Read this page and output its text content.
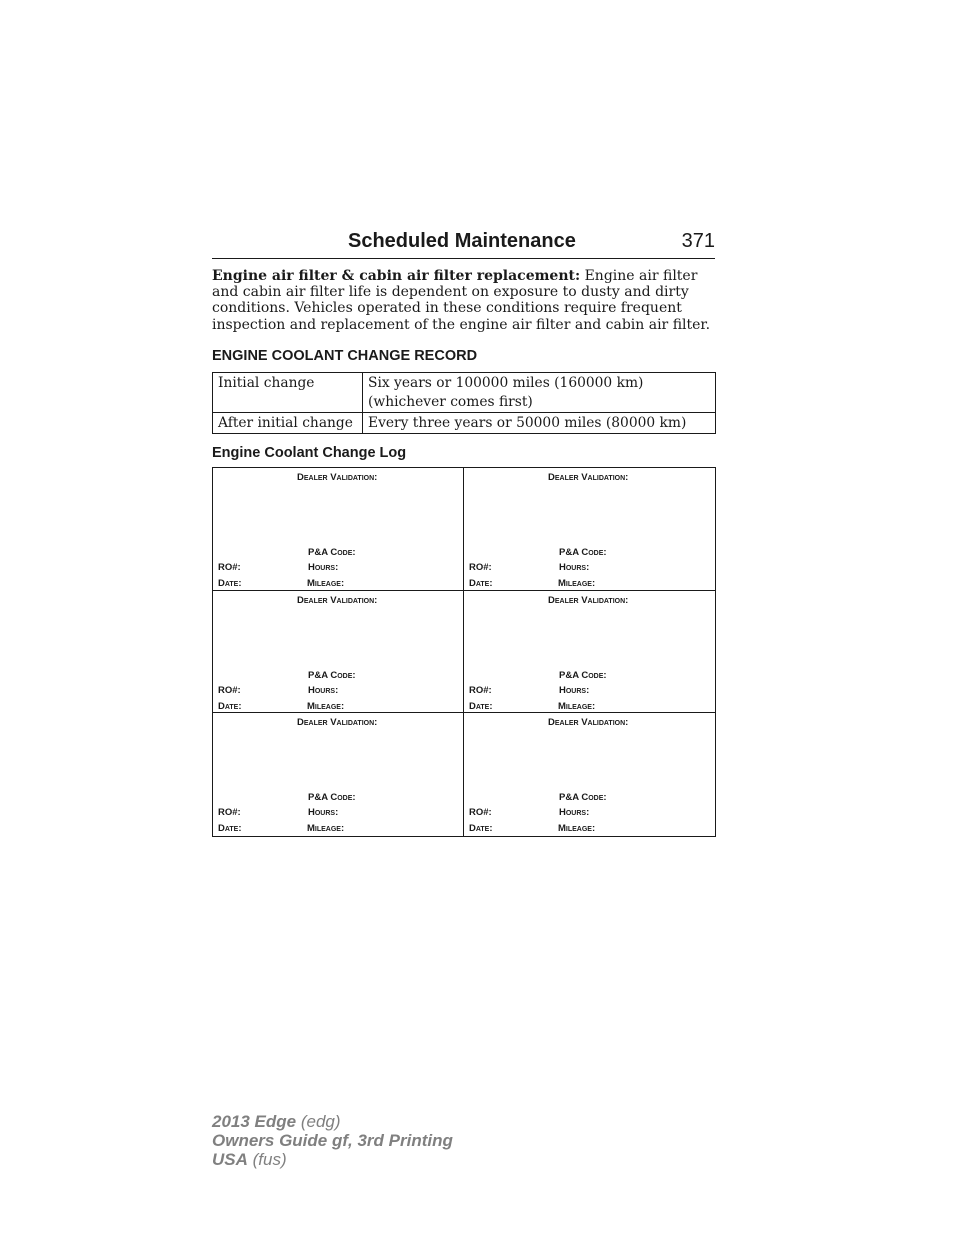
Scheduled Maintenance	371

Engine air filter & cabin air filter replacement: Engine air filter and cabin air filter life is dependent on exposure to dusty and dirty conditions. Vehicles operated in these conditions require frequent inspection and replacement of the engine air filter and cabin air filter.

ENGINE COOLANT CHANGE RECORD
Initial change	Six years or 100000 miles (160000 km) (whichever comes first)
After initial change	Every three years or 50000 miles (80000 km)
Engine Coolant Change Log
Dealer Validation:
P&A Code:
RO#:	Hours:
Date:	Mileage:
Dealer Validation:
P&A Code:
RO#:	Hours:
Date:	Mileage:
Dealer Validation:
P&A Code:
RO#:	Hours:
Date:	Mileage:
Dealer Validation:
P&A Code:
RO#:	Hours:
Date:	Mileage:
Dealer Validation:
P&A Code:
RO#:	Hours:
Date:	Mileage:
Dealer Validation:
P&A Code:
RO#:	Hours:
Date:	Mileage:
2013 Edge (edg)
Owners Guide gf, 3rd Printing
USA (fus)
